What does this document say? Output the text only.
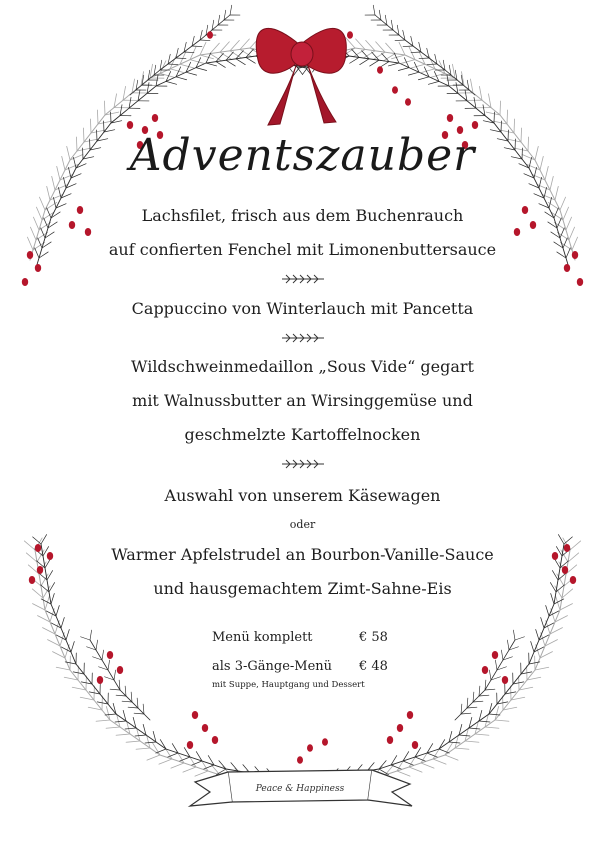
Peace & Happiness
Adventszauber
Lachsfilet, frisch aus dem Buchenrauch
auf confierten Fenchel mit Limonenbuttersauce
Cappuccino von Winterlauch mit Pancetta
Wildschweinmedaillon „Sous Vide“ gegart
mit Walnussbutter an Wirsinggemüse und
geschmelzte Kartoffelnocken
Auswahl von unserem Käsewagen
oder
Warmer Apfelstrudel an Bourbon-Vanille-Sauce
und hausgemachtem Zimt-Sahne-Eis
Menü komplett	€ 58
als 3-Gänge-Menü € 48
mit Suppe, Hauptgang und Dessert
